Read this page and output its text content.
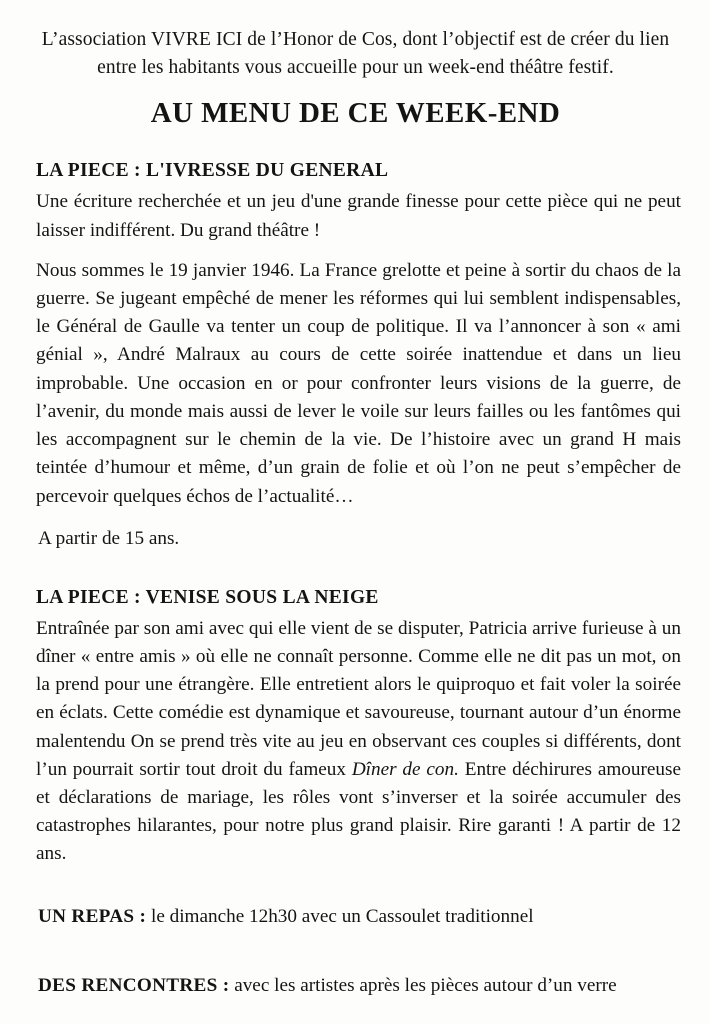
L’association VIVRE ICI de l’Honor de Cos, dont l’objectif est de créer du lien entre les habitants vous accueille pour un week-end théâtre festif.

AU MENU DE CE WEEK-END
LA PIECE : L'IVRESSE DU GENERAL

Une écriture recherchée et un jeu d'une grande finesse pour cette pièce qui ne peut laisser indifférent. Du grand théâtre !

Nous sommes le 19 janvier 1946. La France grelotte et peine à sortir du chaos de la guerre. Se jugeant empêché de mener les réformes qui lui semblent indispensables, le Général de Gaulle va tenter un coup de politique. Il va l’annoncer à son « ami génial », André Malraux au cours de cette soirée inattendue et dans un lieu improbable. Une occasion en or pour confronter leurs visions de la guerre, de l’avenir, du monde mais aussi de lever le voile sur leurs failles ou les fantômes qui les accompagnent sur le chemin de la vie. De l’histoire avec un grand H mais teintée d’humour et même, d’un grain de folie et où l’on ne peut s’empêcher de percevoir quelques échos de l’actualité…

A partir de 15 ans.

LA PIECE : VENISE SOUS LA NEIGE

Entraînée par son ami avec qui elle vient de se disputer, Patricia arrive furieuse à un dîner « entre amis » où elle ne connaît personne. Comme elle ne dit pas un mot, on la prend pour une étrangère. Elle entretient alors le quiproquo et fait voler la soirée en éclats. Cette comédie est dynamique et savoureuse, tournant autour d’un énorme malentendu On se prend très vite au jeu en observant ces couples si différents, dont l’un pourrait sortir tout droit du fameux Dîner de con. Entre déchirures amoureuse et déclarations de mariage, les rôles vont s’inverser et la soirée accumuler des catastrophes hilarantes, pour notre plus grand plaisir. Rire garanti ! A partir de 12 ans.

UN REPAS : le dimanche 12h30 avec un Cassoulet traditionnel

DES RENCONTRES : avec les artistes après les pièces autour d’un verre
